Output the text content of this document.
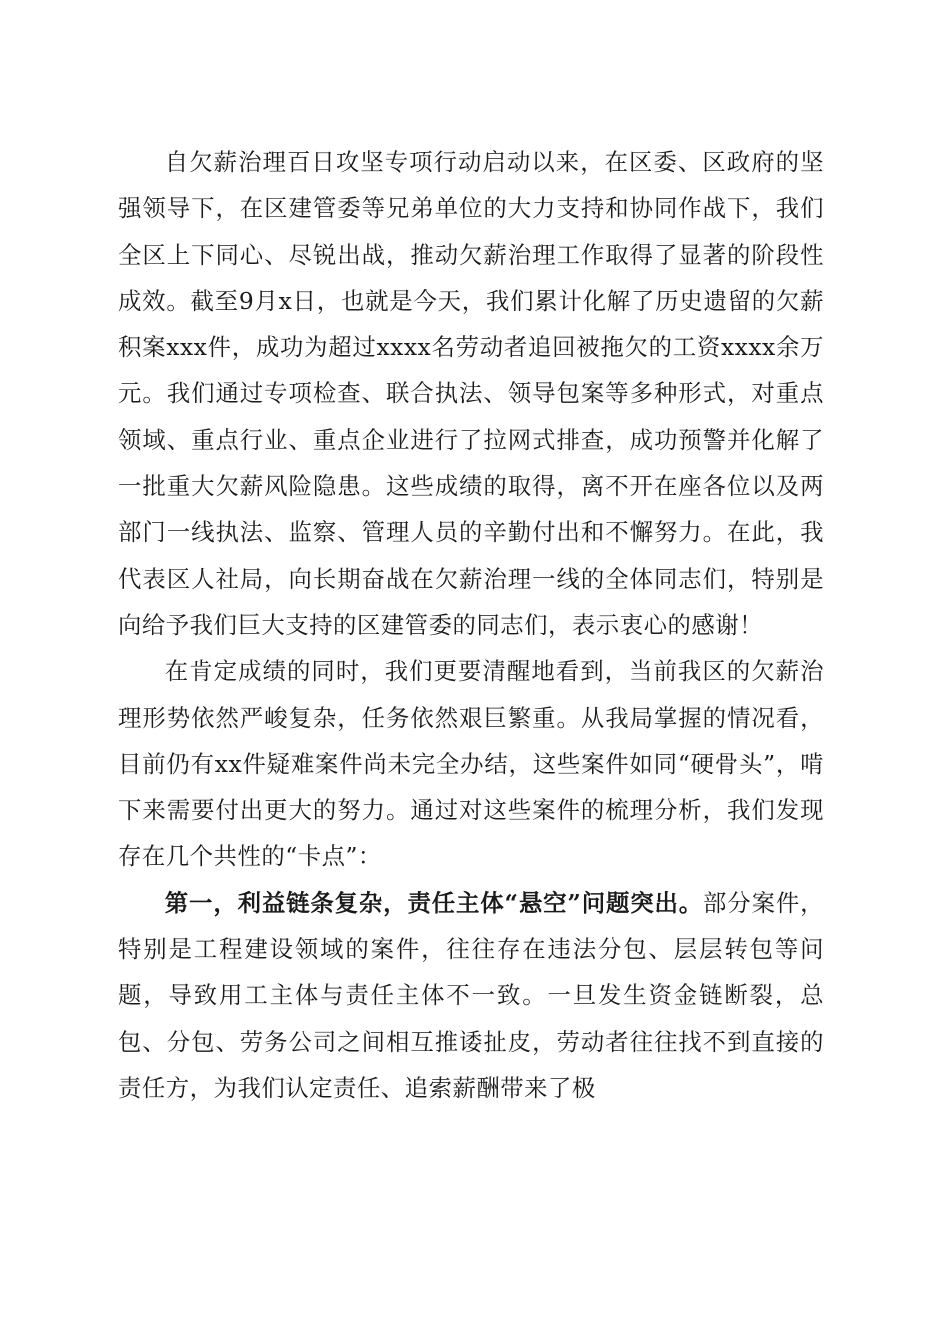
自欠薪治理百日攻坚专项行动启动以来，在区委、区政府的坚强领导下，在区建管委等兄弟单位的大力支持和协同作战下，我们全区上下同心、尽锐出战，推动欠薪治理工作取得了显著的阶段性成效。截至9月x日，也就是今天，我们累计化解了历史遗留的欠薪积案xxx件，成功为超过xxxx名劳动者追回被拖欠的工资xxxx余万元。我们通过专项检查、联合执法、领导包案等多种形式，对重点领域、重点行业、重点企业进行了拉网式排查，成功预警并化解了一批重大欠薪风险隐患。这些成绩的取得，离不开在座各位以及两部门一线执法、监察、管理人员的辛勤付出和不懈努力。在此，我代表区人社局，向长期奋战在欠薪治理一线的全体同志们，特别是向给予我们巨大支持的区建管委的同志们，表示衷心的感谢！

在肯定成绩的同时，我们更要清醒地看到，当前我区的欠薪治理形势依然严峻复杂，任务依然艰巨繁重。从我局掌握的情况看，目前仍有xx件疑难案件尚未完全办结，这些案件如同“硬骨头”，啃下来需要付出更大的努力。通过对这些案件的梳理分析，我们发现存在几个共性的“卡点”：

第一，利益链条复杂，责任主体“悬空”问题突出。部分案件，特别是工程建设领域的案件，往往存在违法分包、层层转包等问题，导致用工主体与责任主体不一致。一旦发生资金链断裂，总包、分包、劳务公司之间相互推诿扯皮，劳动者往往找不到直接的责任方，为我们认定责任、追索薪酬带来了极
